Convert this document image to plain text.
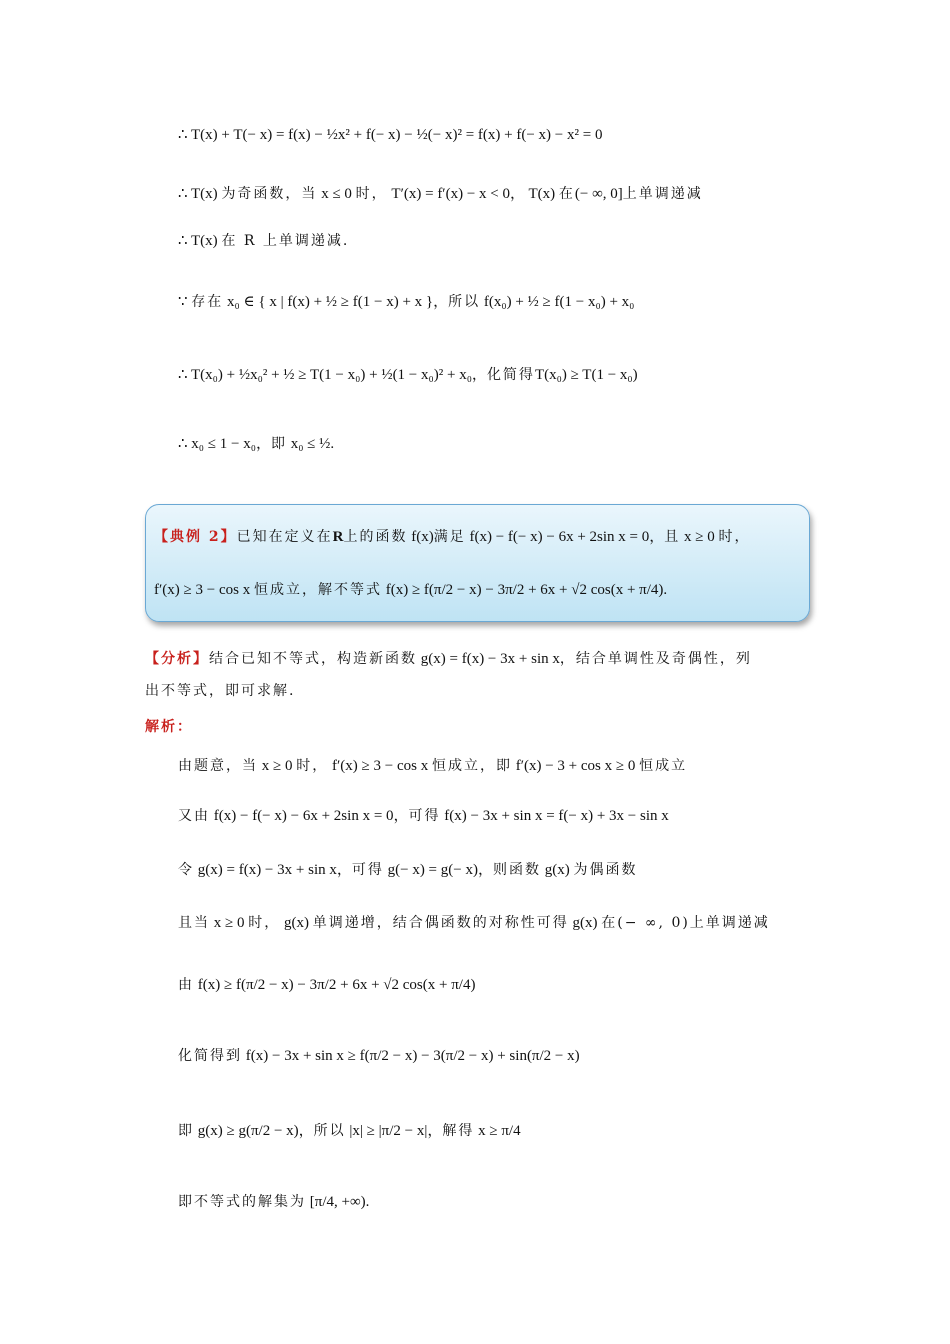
∴ T(x) + T(− x) = f(x) − ½x² + f(− x) − ½(− x)² = f(x) + f(− x) − x² = 0
∴ T(x) 为奇函数，当 x ≤ 0 时， T′(x) = f′(x) − x < 0， T(x) 在(− ∞, 0]上单调递减
∴ T(x) 在 R 上单调递减.
∵ 存在 x₀ ∈ { x | f(x) + ½ ≥ f(1 − x) + x }，所以 f(x₀) + ½ ≥ f(1 − x₀) + x₀
∴ T(x₀) + ½x₀² + ½ ≥ T(1 − x₀) + ½(1 − x₀)² + x₀，化简得T(x₀) ≥ T(1 − x₀)
∴ x₀ ≤ 1 − x₀，即 x₀ ≤ ½.
【典例 2】已知在定义在R上的函数 f(x)满足 f(x) − f(− x) − 6x + 2sin x = 0，且 x ≥ 0 时，
f′(x) ≥ 3 − cos x 恒成立，解不等式 f(x) ≥ f(π/2 − x) − 3π/2 + 6x + √2 cos(x + π/4).
【分析】结合已知不等式，构造新函数 g(x) = f(x) − 3x + sin x，结合单调性及奇偶性，列
出不等式，即可求解.
解析：
由题意，当 x ≥ 0 时， f′(x) ≥ 3 − cos x 恒成立，即 f′(x) − 3 + cos x ≥ 0 恒成立
又由 f(x) − f(− x) − 6x + 2sin x = 0，可得 f(x) − 3x + sin x = f(− x) + 3x − sin x
令 g(x) = f(x) − 3x + sin x，可得 g(− x) = g(− x)，则函数 g(x) 为偶函数
且当 x ≥ 0 时， g(x) 单调递增，结合偶函数的对称性可得 g(x) 在(− ∞, 0)上单调递减
由 f(x) ≥ f(π/2 − x) − 3π/2 + 6x + √2 cos(x + π/4)
化简得到 f(x) − 3x + sin x ≥ f(π/2 − x) − 3(π/2 − x) + sin(π/2 − x)
即 g(x) ≥ g(π/2 − x)，所以 |x| ≥ |π/2 − x|，解得 x ≥ π/4
即不等式的解集为 [π/4, +∞).
